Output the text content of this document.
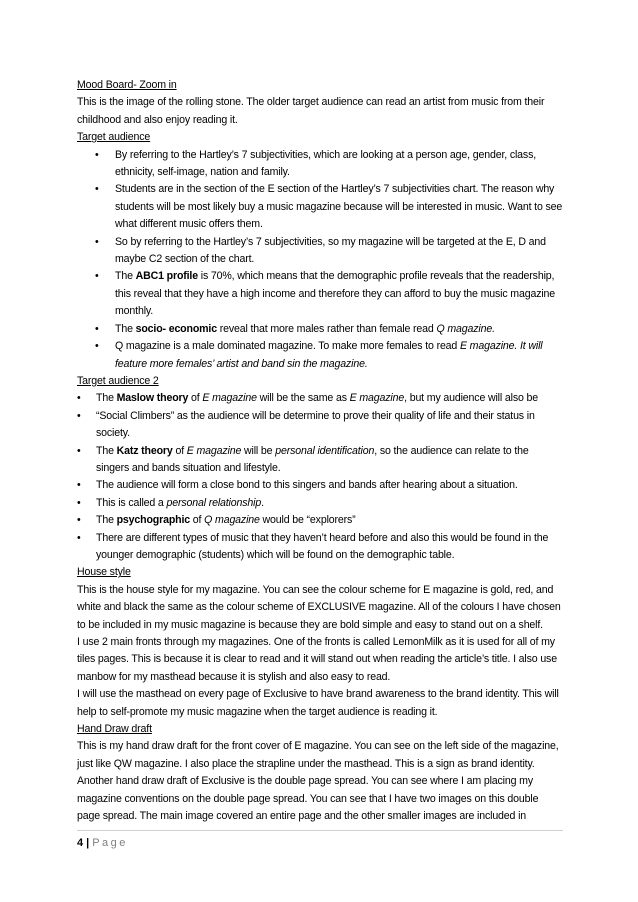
Mood Board- Zoom in

This is the image of the rolling stone. The older target audience can read an artist from music from their childhood and also enjoy reading it.

Target audience

• By referring to the Hartley’s 7 subjectivities, which are looking at a person age, gender, class, ethnicity, self-image, nation and family.
• Students are in the section of the E section of the Hartley’s 7 subjectivities chart. The reason why students will be most likely buy a music magazine because will be interested in music. Want to see what different music offers them.
• So by referring to the Hartley’s 7 subjectivities, so my magazine will be targeted at the E, D and maybe C2 section of the chart.
• The ABC1 profile is 70%, which means that the demographic profile reveals that the readership, this reveal that they have a high income and therefore they can afford to buy the music magazine monthly.
• The socio- economic reveal that more males rather than female read Q magazine.
• Q magazine is a male dominated magazine. To make more females to read E magazine. It will feature more females’ artist and band sin the magazine.

Target audience 2

• The Maslow theory of E magazine will be the same as E magazine, but my audience will also be
• “Social Climbers” as the audience will be determine to prove their quality of life and their status in society.
• The Katz theory of E magazine will be personal identification, so the audience can relate to the singers and bands situation and lifestyle.
• The audience will form a close bond to this singers and bands after hearing about a situation.
• This is called a personal relationship.
• The psychographic of Q magazine would be “explorers”
• There are different types of music that they haven’t heard before and also this would be found in the younger demographic (students) which will be found on the demographic table.

House style

This is the house style for my magazine. You can see the colour scheme for E magazine is gold, red, and white and black the same as the colour scheme of EXCLUSIVE magazine. All of the colours I have chosen to be included in my music magazine is because they are bold simple and easy to stand out on a shelf.

I use 2 main fronts through my magazines. One of the fronts is called LemonMilk as it is used for all of my tiles pages. This is because it is clear to read and it will stand out when reading the article’s title. I also use manbow for my masthead because it is stylish and also easy to read.

I will use the masthead on every page of Exclusive to have brand awareness to the brand identity. This will help to self-promote my music magazine when the target audience is reading it.

Hand Draw draft

This is my hand draw draft for the front cover of E magazine. You can see on the left side of the magazine, just like QW magazine. I also place the strapline under the masthead. This is a sign as brand identity.

Another hand draw draft of Exclusive is the double page spread. You can see where I am placing my magazine conventions on the double page spread. You can see that I have two images on this double page spread. The main image covered an entire page and the other smaller images are included in

4 | Page
